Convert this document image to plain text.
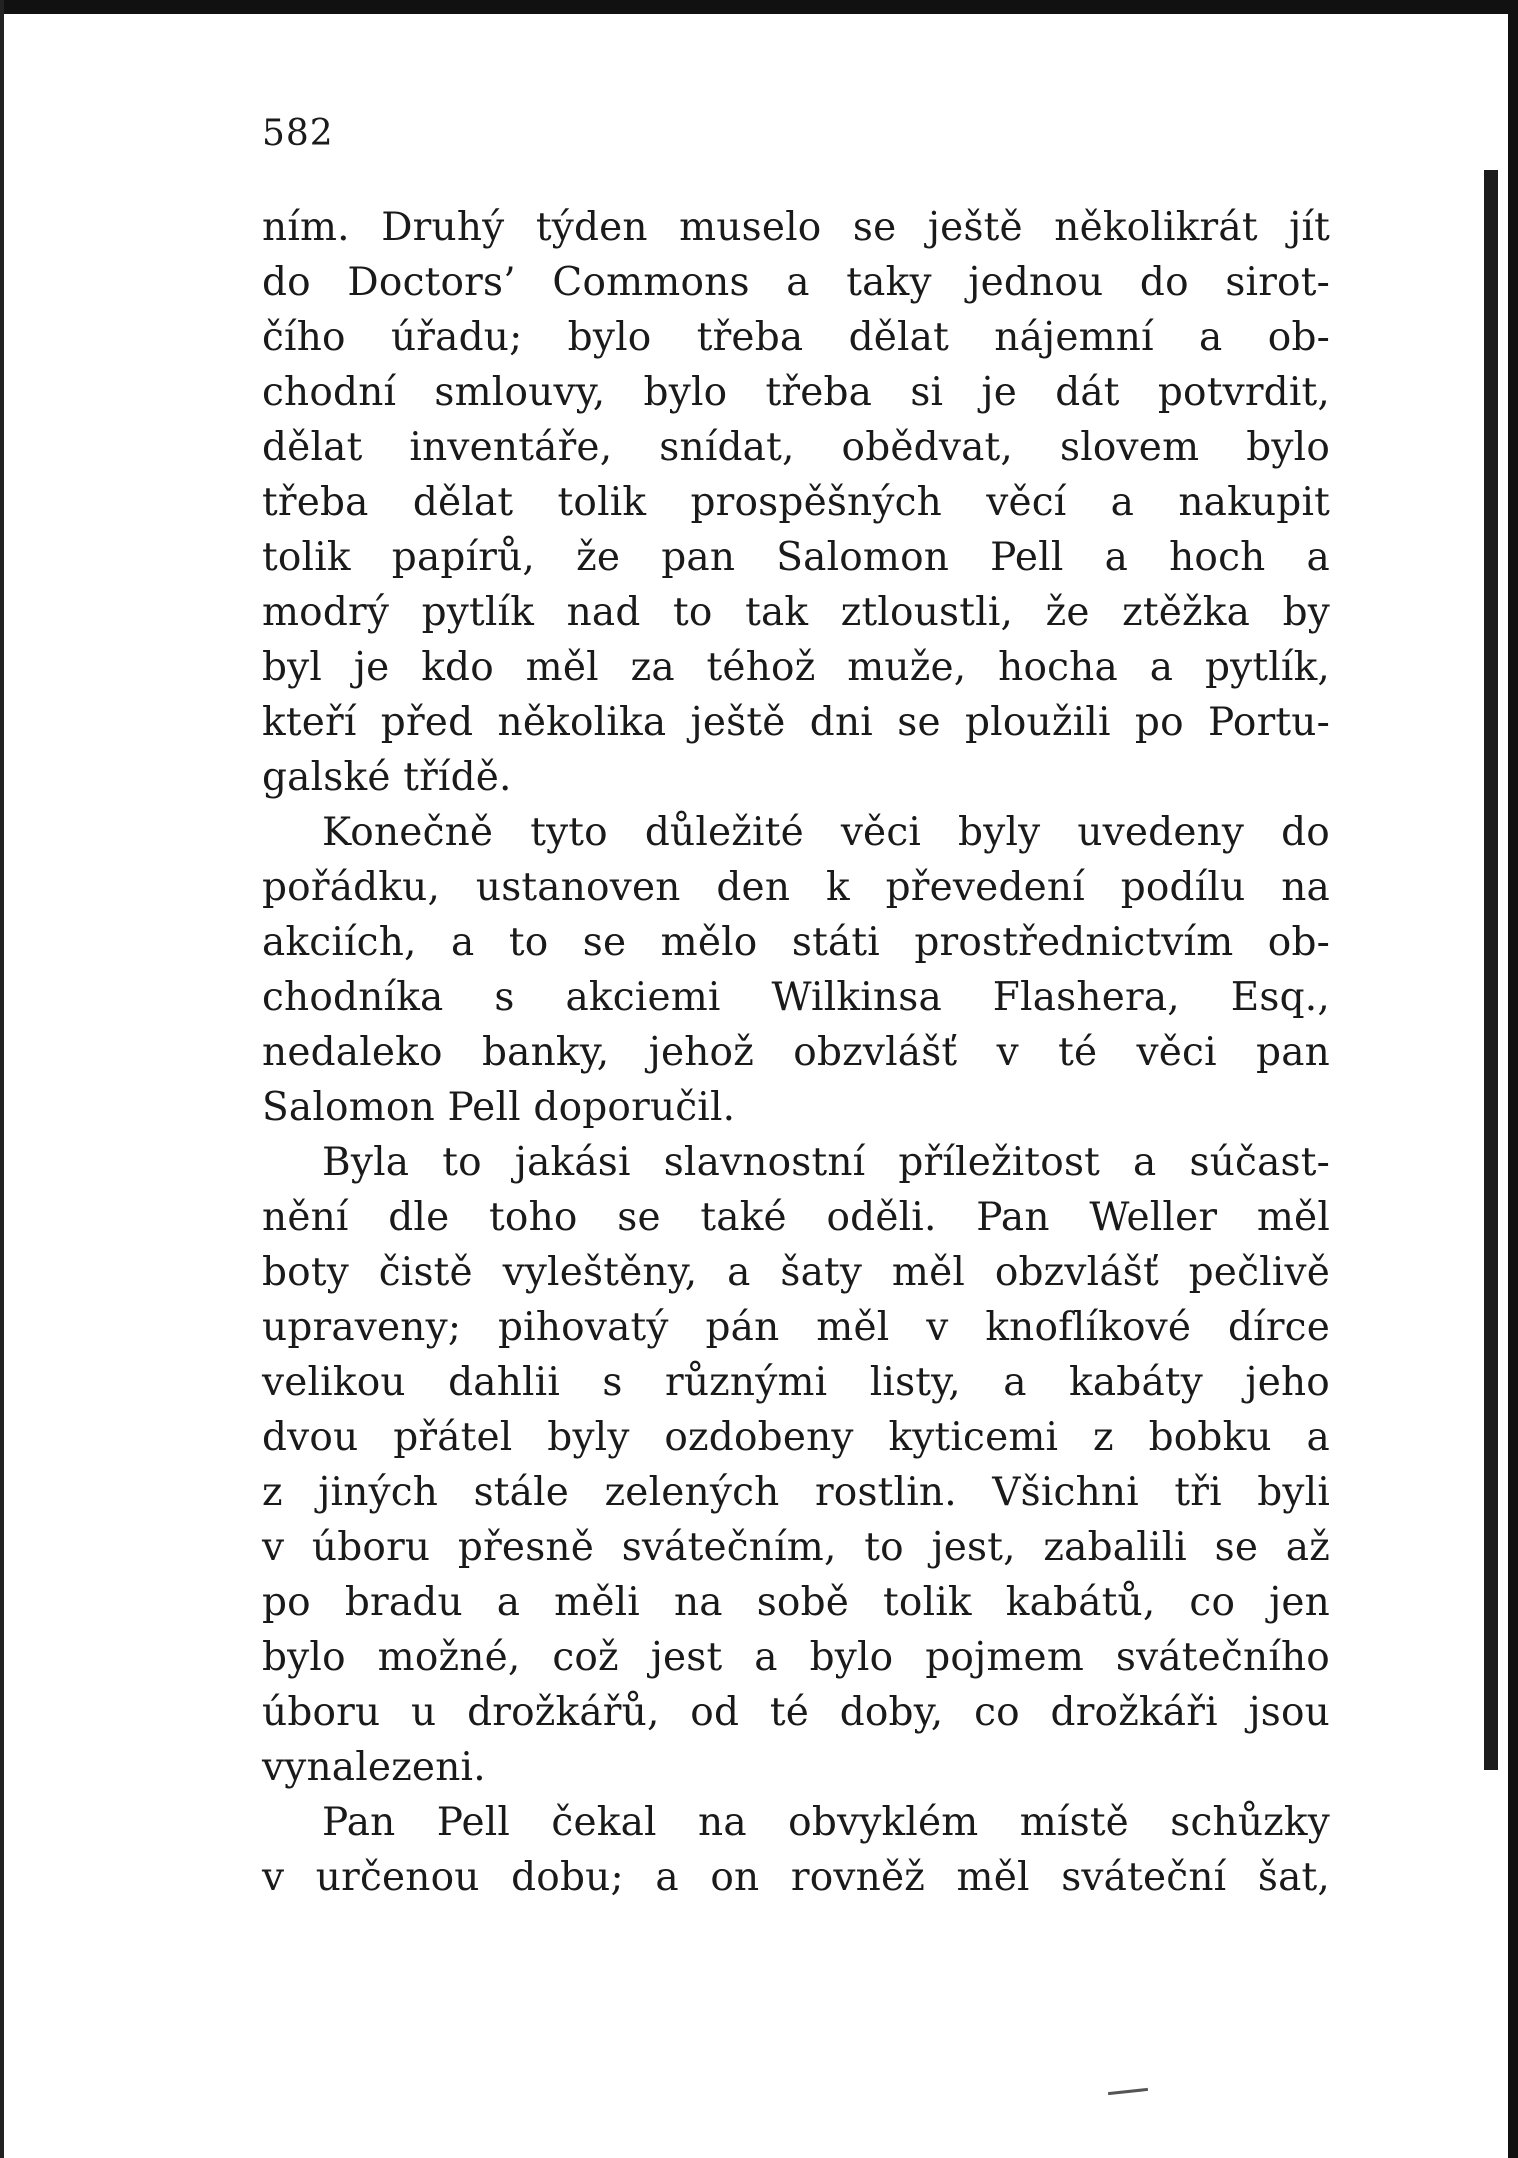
582
ním. Druhý týden muselo se ještě několikrát jít
do Doctors’ Commons a taky jednou do sirot-
čího úřadu; bylo třeba dělat nájemní a ob-
chodní smlouvy, bylo třeba si je dát potvrdit,
dělat inventáře, snídat, obědvat, slovem bylo
třeba dělat tolik prospěšných věcí a nakupit
tolik papírů, že pan Salomon Pell a hoch a
modrý pytlík nad to tak ztloustli, že ztěžka by
byl je kdo měl za téhož muže, hocha a pytlík,
kteří před několika ještě dni se ploužili po Portu-
galské třídě.
Konečně tyto důležité věci byly uvedeny do
pořádku, ustanoven den k převedení podílu na
akciích, a to se mělo státi prostřednictvím ob-
chodníka s akciemi Wilkinsa Flashera, Esq.,
nedaleko banky, jehož obzvlášť v té věci pan
Salomon Pell doporučil.
Byla to jakási slavnostní příležitost a súčast-
nění dle toho se také oděli. Pan Weller měl
boty čistě vyleštěny, a šaty měl obzvlášť pečlivě
upraveny; pihovatý pán měl v knoflíkové dírce
velikou dahlii s různými listy, a kabáty jeho
dvou přátel byly ozdobeny kyticemi z bobku a
z jiných stále zelených rostlin. Všichni tři byli
v úboru přesně svátečním, to jest, zabalili se až
po bradu a měli na sobě tolik kabátů, co jen
bylo možné, což jest a bylo pojmem svátečního
úboru u drožkářů, od té doby, co drožkáři jsou
vynalezeni.
Pan Pell čekal na obvyklém místě schůzky
v určenou dobu; a on rovněž měl sváteční šat,
